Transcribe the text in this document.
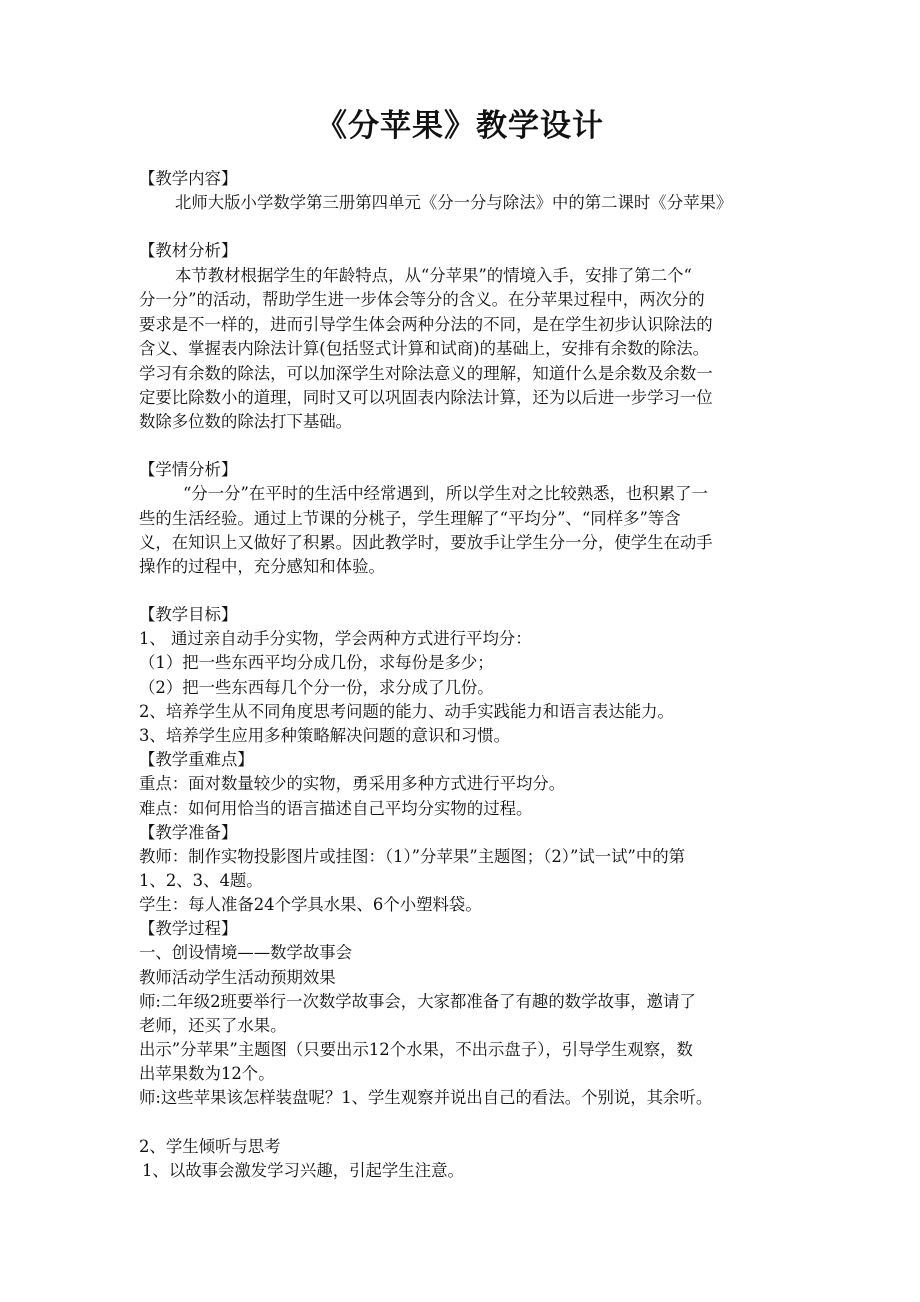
《分苹果》教学设计
【教学内容】
北师大版小学数学第三册第四单元《分一分与除法》中的第二课时《分苹果》
【教材分析】
本节教材根据学生的年龄特点，从“分苹果”的情境入手，安排了第二个“
分一分”的活动，帮助学生进一步体会等分的含义。在分苹果过程中，两次分的
要求是不一样的，进而引导学生体会两种分法的不同，是在学生初步认识除法的
含义、掌握表内除法计算(包括竖式计算和试商)的基础上，安排有余数的除法。
学习有余数的除法，可以加深学生对除法意义的理解，知道什么是余数及余数一
定要比除数小的道理，同时又可以巩固表内除法计算，还为以后进一步学习一位
数除多位数的除法打下基础。
【学情分析】
“分一分”在平时的生活中经常遇到，所以学生对之比较熟悉，也积累了一
些的生活经验。通过上节课的分桃子，学生理解了“平均分”、“同样多”等含
义，在知识上又做好了积累。因此教学时，要放手让学生分一分，使学生在动手
操作的过程中，充分感知和体验。
【教学目标】
1、 通过亲自动手分实物，学会两种方式进行平均分：
（1）把一些东西平均分成几份，求每份是多少；
（2）把一些东西每几个分一份，求分成了几份。
2、培养学生从不同角度思考问题的能力、动手实践能力和语言表达能力。
3、培养学生应用多种策略解决问题的意识和习惯。
【教学重难点】
重点：面对数量较少的实物，勇采用多种方式进行平均分。
难点：如何用恰当的语言描述自己平均分实物的过程。
【教学准备】
教师：制作实物投影图片或挂图：（1）”分苹果”主题图；（2）”试一试”中的第
1、2、3、4题。
学生：每人准备24个学具水果、6个小塑料袋。
【教学过程】
一、创设情境——数学故事会
教师活动学生活动预期效果
师:二年级2班要举行一次数学故事会，大家都准备了有趣的数学故事，邀请了
老师，还买了水果。
出示”分苹果”主题图（只要出示12个水果，不出示盘子），引导学生观察，数
出苹果数为12个。
师:这些苹果该怎样装盘呢？1、学生观察并说出自己的看法。个别说，其余听。
2、学生倾听与思考
1、以故事会激发学习兴趣，引起学生注意。
